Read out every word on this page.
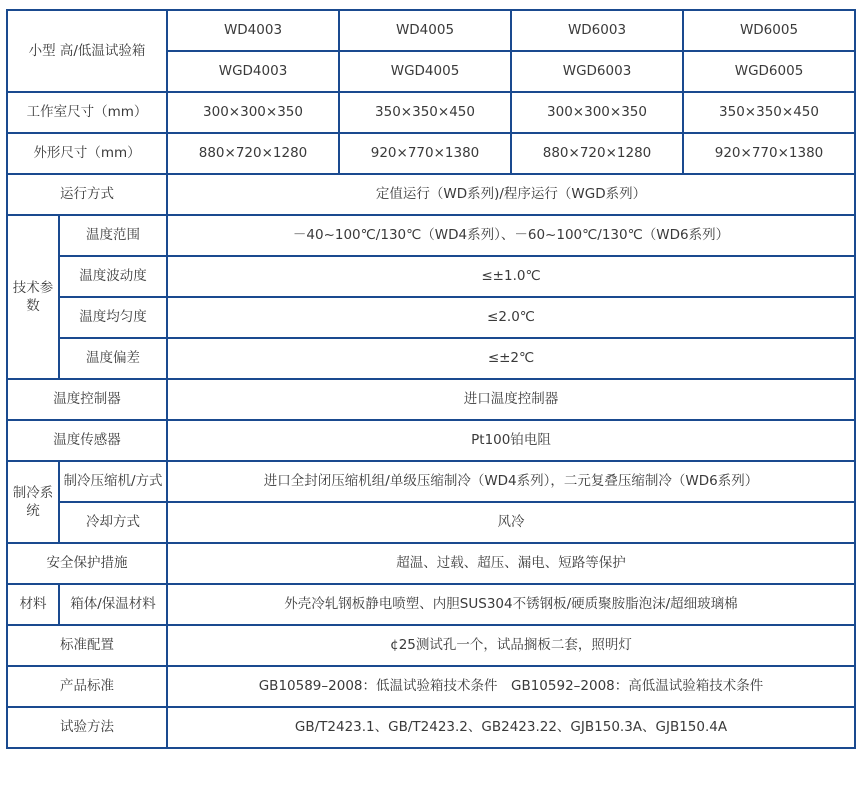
小型 高/低温试验箱		WD4003	WD4005	WD6003	WD6005
		WGD4003	WGD4005	WGD6003	WGD6005
工作室尺寸（mm）		300×300×350	350×350×450	300×300×350	350×350×450
外形尺寸（mm）		880×720×1280	920×770×1380	880×720×1280	920×770×1380
运行方式		定值运行（WD系列)/程序运行（WGD系列）			
技术参数	温度范围	－40~100℃/130℃（WD4系列）、－60~100℃/130℃（WD6系列）			
	温度波动度	≤±1.0℃			
	温度均匀度	≤2.0℃			
	温度偏差	≤±2℃			
温度控制器		进口温度控制器			
温度传感器		Pt100铂电阻			
制冷系统	制冷压缩机/方式	进口全封闭压缩机组/单级压缩制冷（WD4系列），二元复叠压缩制冷（WD6系列）			
	冷却方式	风冷			
安全保护措施		超温、过载、超压、漏电、短路等保护			
材料	箱体/保温材料	外壳冷轧钢板静电喷塑、内胆SUS304不锈钢板/硬质聚胺脂泡沫/超细玻璃棉			
标准配置		¢25测试孔一个，试品搁板二套，照明灯			
产品标准		GB10589–2008：低温试验箱技术条件　GB10592–2008：高低温试验箱技术条件			
试验方法		GB/T2423.1、GB/T2423.2、GB2423.22、GJB150.3A、GJB150.4A			
